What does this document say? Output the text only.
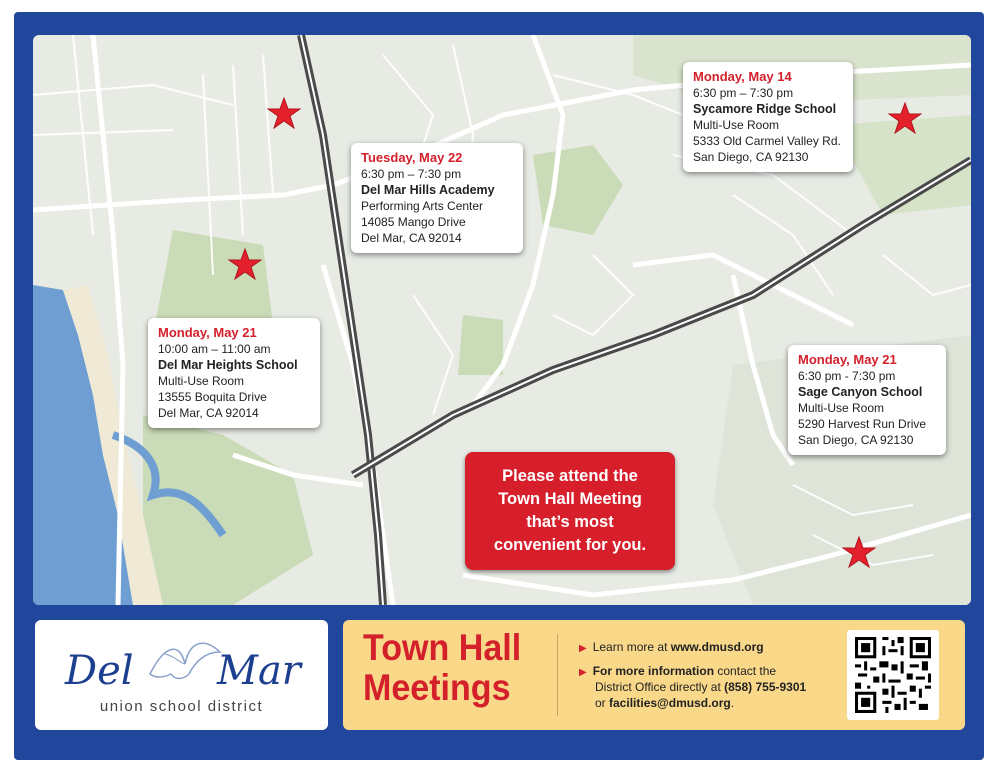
Monday, May 14
6:30 pm – 7:30 pm
Sycamore Ridge School
Multi-Use Room
5333 Old Carmel Valley Rd.
San Diego, CA 92130
Tuesday, May 22
6:30 pm – 7:30 pm
Del Mar Hills Academy
Performing Arts Center
14085 Mango Drive
Del Mar, CA 92014
Monday, May 21
10:00 am – 11:00 am
Del Mar Heights School
Multi-Use Room
13555 Boquita Drive
Del Mar, CA 92014
Monday, May 21
6:30 pm - 7:30 pm
Sage Canyon School
Multi-Use Room
5290 Harvest Run Drive
San Diego, CA 92130
Please attend the
Town Hall Meeting
that’s most
convenient for you.
Del Mar
union school district
Town Hall
Meetings
▶ Learn more at www.dmusd.org
▶ For more information contact the
District Office directly at (858) 755-9301
or facilities@dmusd.org.
